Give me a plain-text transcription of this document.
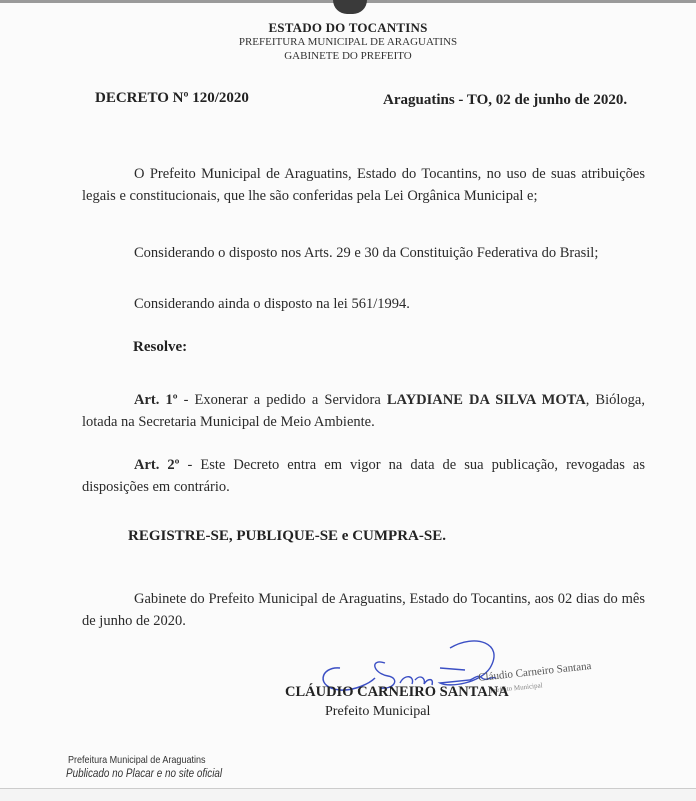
ESTADO DO TOCANTINS
PREFEITURA MUNICIPAL DE ARAGUATINS
GABINETE DO PREFEITO
DECRETO Nº 120/2020	Araguatins - TO, 02 de junho de 2020.
O Prefeito Municipal de Araguatins, Estado do Tocantins, no uso de suas atribuições legais e constitucionais, que lhe são conferidas pela Lei Orgânica Municipal e;
Considerando o disposto nos Arts. 29 e 30 da Constituição Federativa do Brasil;
Considerando ainda o disposto na lei 561/1994.
Resolve:
Art. 1º - Exonerar a pedido a Servidora LAYDIANE DA SILVA MOTA, Bióloga, lotada na Secretaria Municipal de Meio Ambiente.
Art. 2º - Este Decreto entra em vigor na data de sua publicação, revogadas as disposições em contrário.
REGISTRE-SE, PUBLIQUE-SE e CUMPRA-SE.
Gabinete do Prefeito Municipal de Araguatins, Estado do Tocantins, aos 02 dias do mês de junho de 2020.
Cláudio Carneiro Santana
Prefeito Municipal
CLÁUDIO CARNEIRO SANTANA
Prefeito Municipal
Prefeitura Municipal de Araguatins
Publicado no Placar e no site oficial
